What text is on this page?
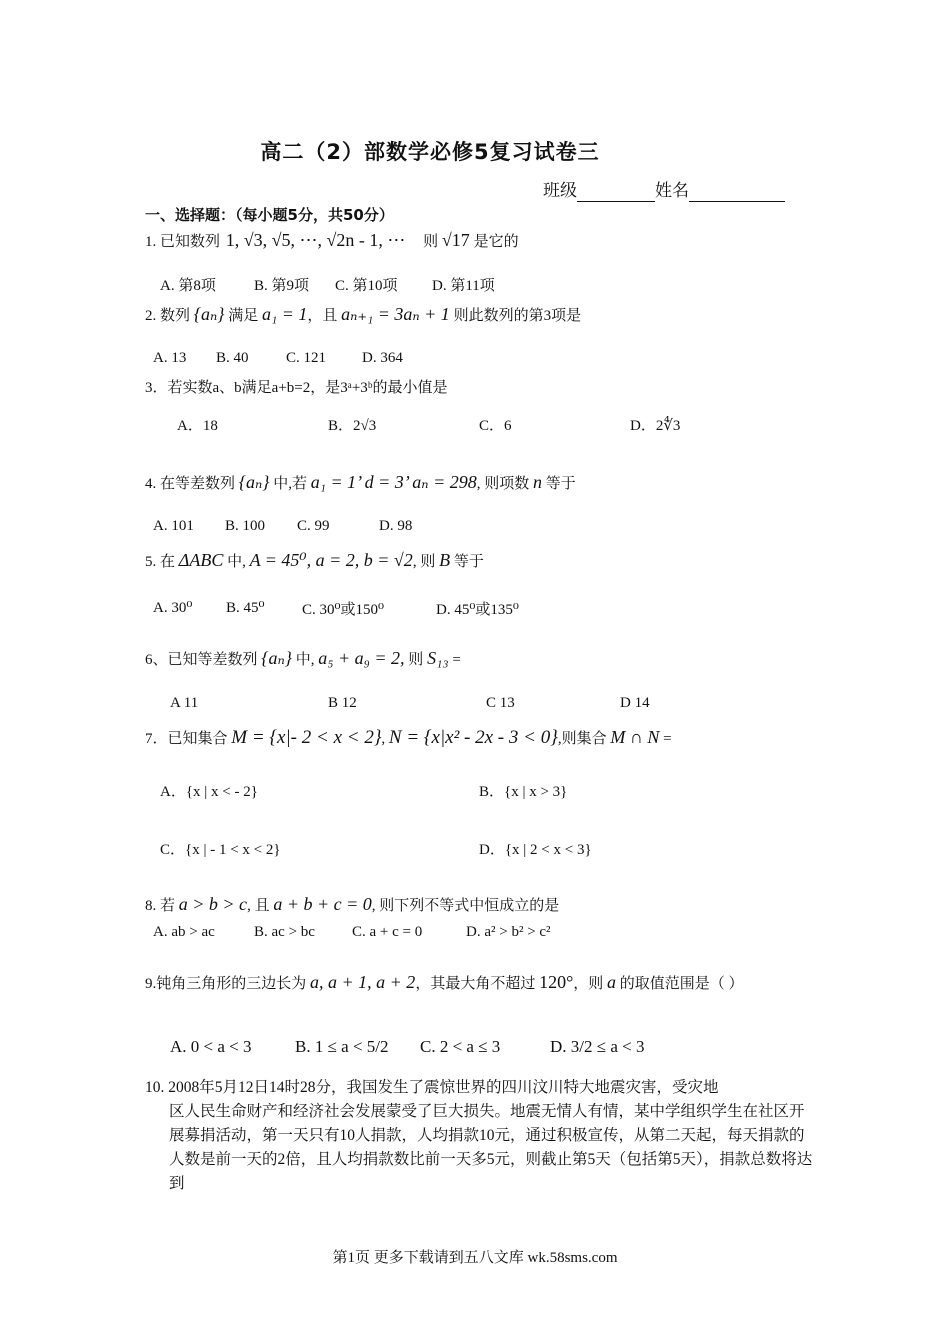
高二（2）部数学必修5复习试卷三
班级	姓名
一、选择题：（每小题5分，共50分）
1. 已知数列 1, √3, √5, ⋯, √2n - 1, ⋯ 则 √17 是它的
A. 第8项	B. 第9项 C. 第10项 D. 第11项
2. 数列 {aₙ} 满足 a₁ = 1，且 aₙ₊₁ = 3aₙ + 1 则此数列的第3项是
A. 13 B. 40 C. 121 D. 364
3．若实数a、b满足a+b=2，是3ᵃ+3ᵇ的最小值是
A．18	B．2√3	C．6	D．2∜3
4. 在等差数列 {aₙ} 中,若 a₁ = 1’ d = 3’ aₙ = 298, 则项数 n 等于
A. 101 B. 100 C. 99	D. 98
5. 在 ΔABC 中, A = 45⁰, a = 2, b = √2, 则 B 等于
A. 30⁰ B. 45⁰ C. 30⁰或150⁰	D. 45⁰或135⁰
6、已知等差数列 {aₙ} 中, a₅ + a₉ = 2, 则 S₁₃ =
A 11	B 12	C 13	D 14
7．已知集合 M = {x|- 2 < x < 2}, N = {x|x² - 2x - 3 < 0},则集合 M ∩ N =
A．{x | x < - 2}	B．{x | x > 3}
C．{x | - 1 < x < 2}	D．{x | 2 < x < 3}
8. 若 a > b > c, 且 a + b + c = 0, 则下列不等式中恒成立的是
A. ab > ac	B. ac > bc C. a + c = 0	D. a² > b² > c²
9.钝角三角形的三边长为 a, a + 1, a + 2，其最大角不超过 120°，则 a 的取值范围是（ ）
A. 0 < a < 3	B. 1 ≤ a < 5/2 C. 2 < a ≤ 3	D. 3/2 ≤ a < 3
10. 2008年5月12日14时28分，我国发生了震惊世界的四川汶川特大地震灾害，受灾地
区人民生命财产和经济社会发展蒙受了巨大损失。地震无情人有情，某中学组织学生在社区开展募捐活动，第一天只有10人捐款，人均捐款10元，通过积极宣传，从第二天起，每天捐款的人数是前一天的2倍，且人均捐款数比前一天多5元，则截止第5天（包括第5天），捐款总数将达到
第1页 更多下载请到五八文库 wk.58sms.com
